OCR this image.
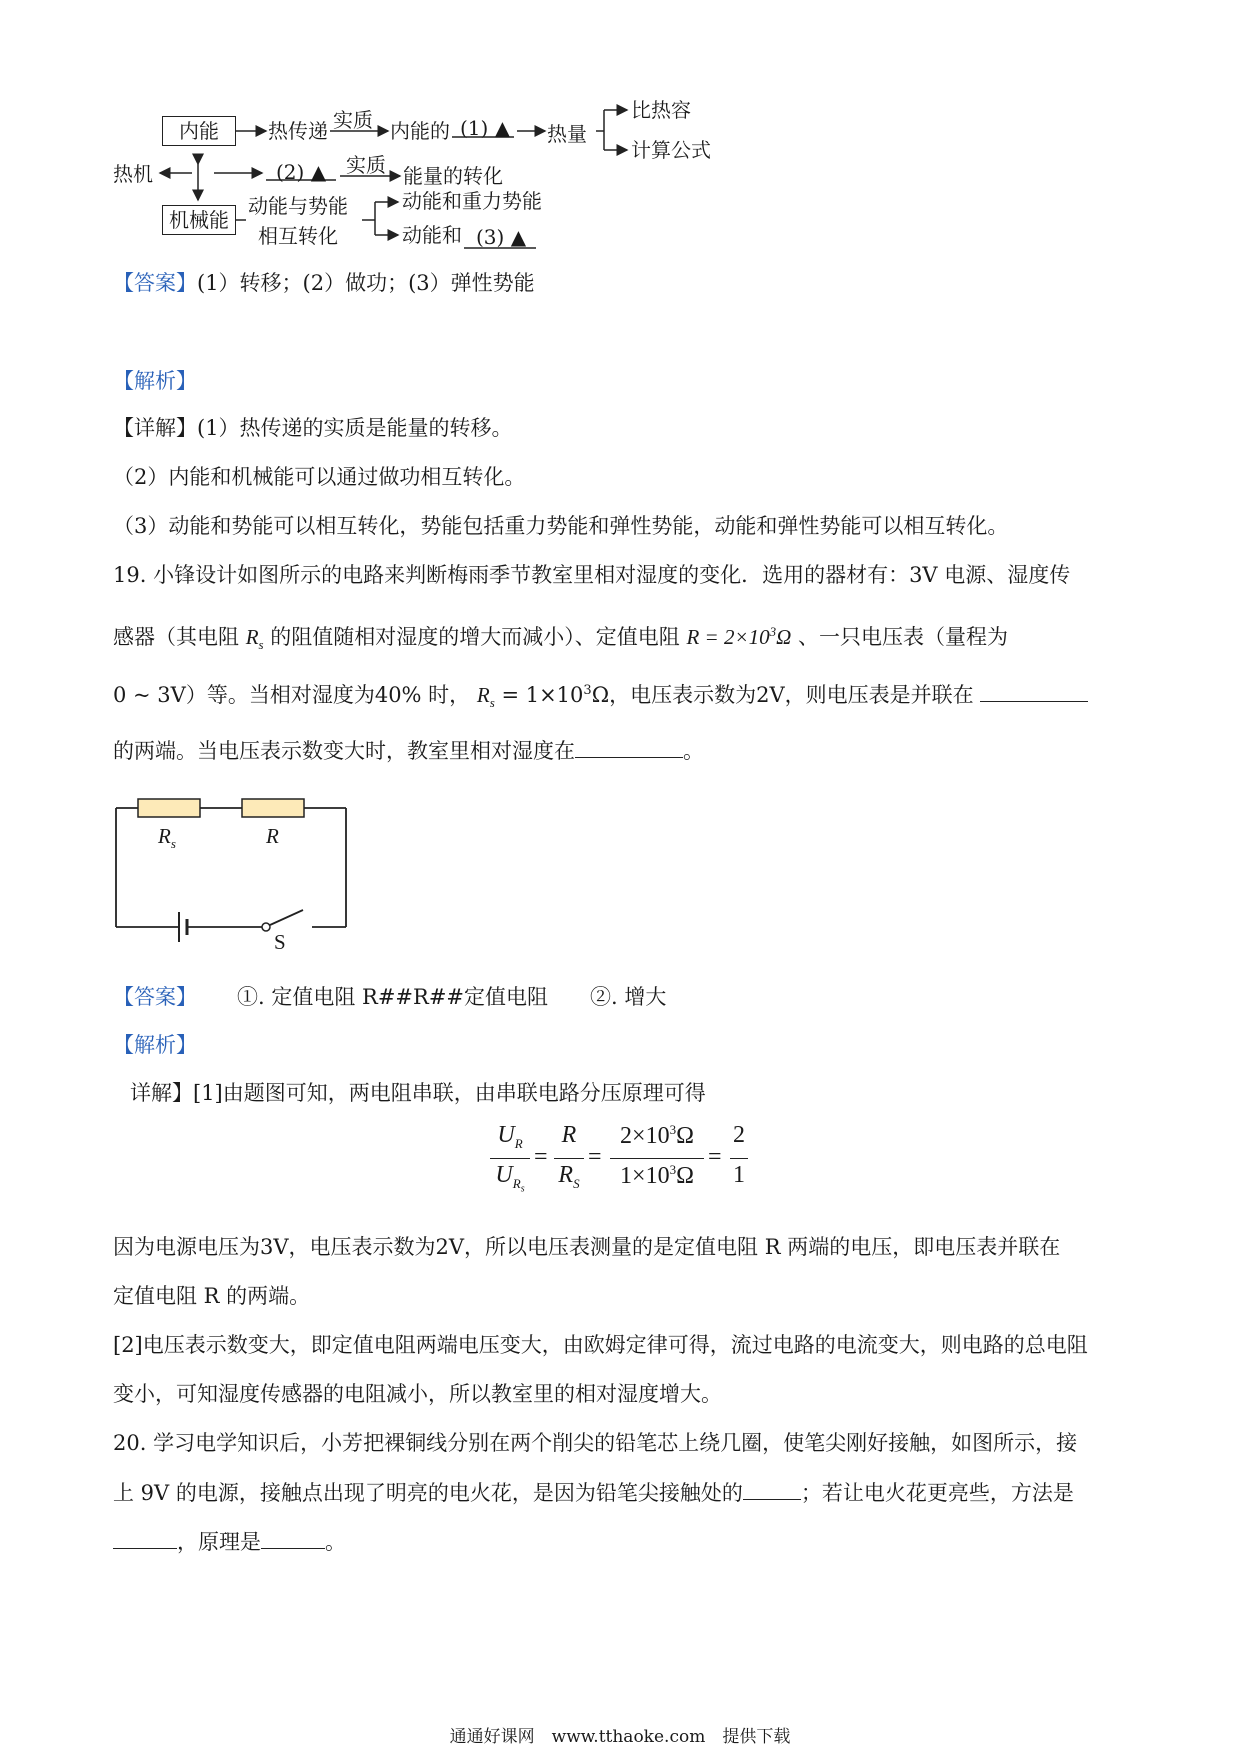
内能
机械能
热机
热传递 实质 内能的 (1) ▲ 热量
比热容
计算公式
(2) ▲ 实质 能量的转化
动能与势能
相互转化
动能和重力势能
动能和 (3) ▲
【答案】(1）转移；(2）做功；(3）弹性势能
【解析】
【详解】(1）热传递的实质是能量的转移。
（2）内能和机械能可以通过做功相互转化。
（3）动能和势能可以相互转化，势能包括重力势能和弹性势能，动能和弹性势能可以相互转化。
19. 小锋设计如图所示的电路来判断梅雨季节教室里相对湿度的变化．选用的器材有：3V 电源、湿度传
感器（其电阻 $R_s$ 的阻值随相对湿度的增大而减小）、定值电阻 $R = 2\times 10^3\Omega$ 、一只电压表（量程为
0 ~ 3V）等。当相对湿度为40% 时， $R_s = 1\times 10^3\Omega$，电压表示数为2V，则电压表是并联在
的两端。当电压表示数变大时，教室里相对湿度在	。
$R_s$	R
S
【答案】 ①. 定值电阻 R##R##定值电阻　　②. 增大
【解析】
详解】[1]由题图可知，两电阻串联，由串联电路分压原理可得
$U_R$
$U_{R_s}$
=
R
$R_S$
=
$2\times 10^3\Omega$
$1\times 10^3\Omega$
=
2
1
因为电源电压为3V，电压表示数为2V，所以电压表测量的是定值电阻 R 两端的电压，即电压表并联在
定值电阻 R 的两端。
[2]电压表示数变大，即定值电阻两端电压变大，由欧姆定律可得，流过电路的电流变大，则电路的总电阻
变小，可知湿度传感器的电阻减小，所以教室里的相对湿度增大。
20. 学习电学知识后，小芳把裸铜线分别在两个削尖的铅笔芯上绕几圈，使笔尖刚好接触，如图所示，接
上 9V 的电源，接触点出现了明亮的电火花，是因为铅笔尖接触处的	；若让电火花更亮些，方法是
，原理是	。
通通好课网　www.tthaoke.com　提供下载
